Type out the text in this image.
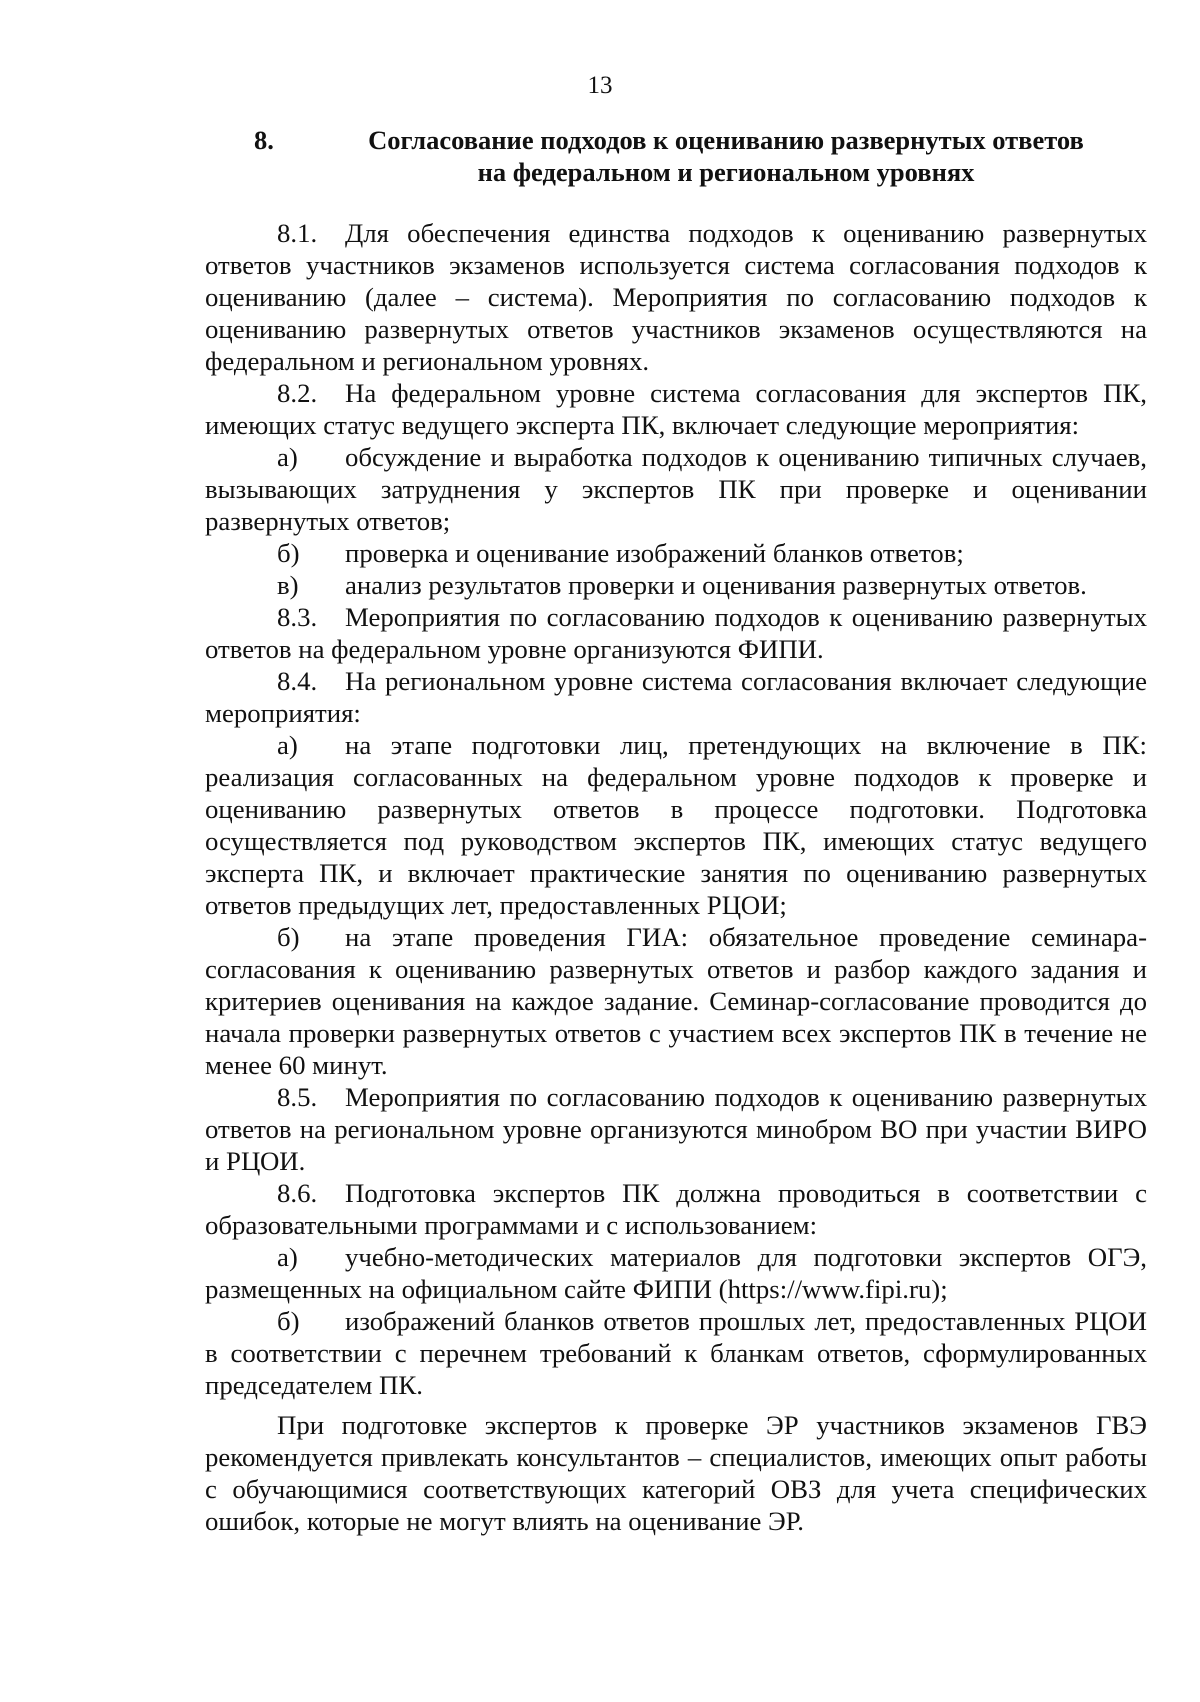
13
8.	Согласование подходов к оцениванию развернутых ответов
на федеральном и региональном уровнях

8.1. Для обеспечения единства подходов к оцениванию развернутых ответов участников экзаменов используется система согласования подходов к оцениванию (далее – система). Мероприятия по согласованию подходов к оцениванию развернутых ответов участников экзаменов осуществляются на федеральном и региональном уровнях.

8.2. На федеральном уровне система согласования для экспертов ПК, имеющих статус ведущего эксперта ПК, включает следующие мероприятия:

а) обсуждение и выработка подходов к оцениванию типичных случаев, вызывающих затруднения у экспертов ПК при проверке и оценивании развернутых ответов;

б) проверка и оценивание изображений бланков ответов;

в) анализ результатов проверки и оценивания развернутых ответов.

8.3. Мероприятия по согласованию подходов к оцениванию развернутых ответов на федеральном уровне организуются ФИПИ.

8.4. На региональном уровне система согласования включает следующие мероприятия:

а) на этапе подготовки лиц, претендующих на включение в ПК: реализация согласованных на федеральном уровне подходов к проверке и оцениванию развернутых ответов в процессе подготовки. Подготовка осуществляется под руководством экспертов ПК, имеющих статус ведущего эксперта ПК, и включает практические занятия по оцениванию развернутых ответов предыдущих лет, предоставленных РЦОИ;

б) на этапе проведения ГИА: обязательное проведение семинара-согласования к оцениванию развернутых ответов и разбор каждого задания и критериев оценивания на каждое задание. Семинар-согласование проводится до начала проверки развернутых ответов с участием всех экспертов ПК в течение не менее 60 минут.

8.5. Мероприятия по согласованию подходов к оцениванию развернутых ответов на региональном уровне организуются минобром ВО при участии ВИРО и РЦОИ.

8.6. Подготовка экспертов ПК должна проводиться в соответствии с образовательными программами и с использованием:

а) учебно-методических материалов для подготовки экспертов ОГЭ, размещенных на официальном сайте ФИПИ (https://www.fipi.ru);

б) изображений бланков ответов прошлых лет, предоставленных РЦОИ в соответствии с перечнем требований к бланкам ответов, сформулированных председателем ПК.

При подготовке экспертов к проверке ЭР участников экзаменов ГВЭ рекомендуется привлекать консультантов – специалистов, имеющих опыт работы с обучающимися соответствующих категорий ОВЗ для учета специфических ошибок, которые не могут влиять на оценивание ЭР.
